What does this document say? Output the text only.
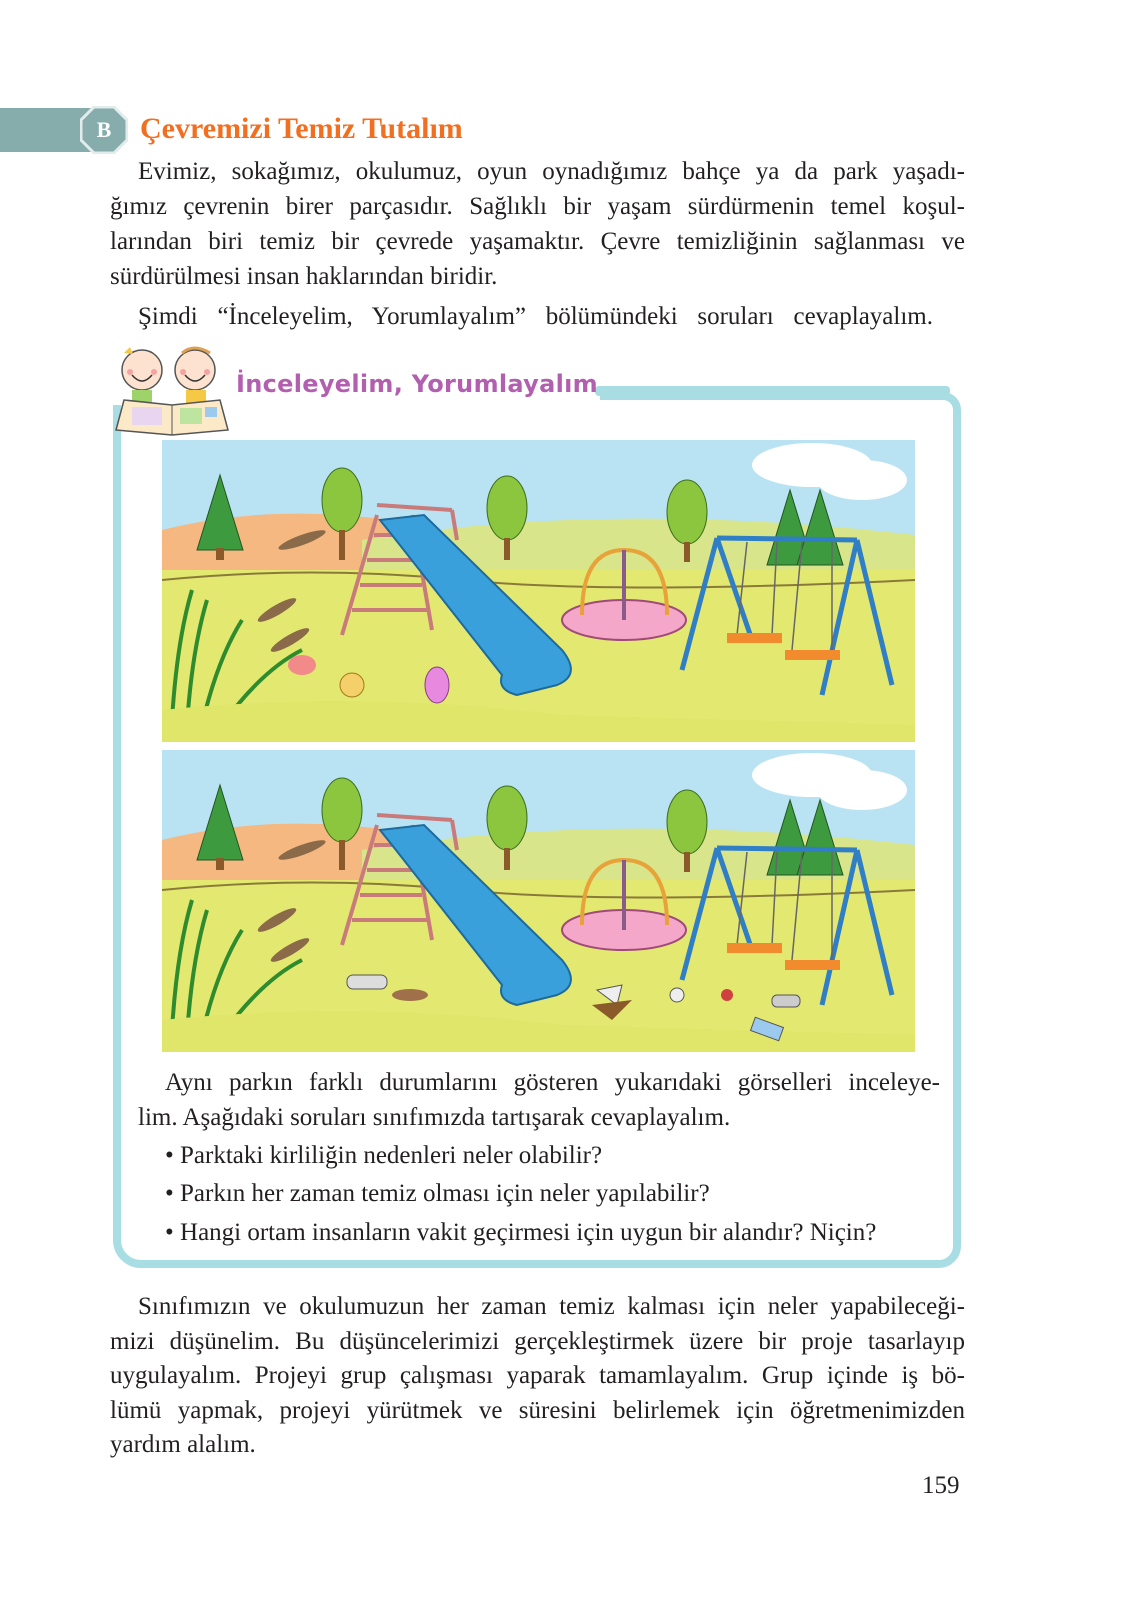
B Çevremizi Temiz Tutalım
Evimiz, sokağımız, okulumuz, oyun oynadığımız bahçe ya da park yaşadı-
ğımız çevrenin birer parçasıdır. Sağlıklı bir yaşam sürdürmenin temel koşul-
larından biri temiz bir çevrede yaşamaktır. Çevre temizliğinin sağlanması ve
sürdürülmesi insan haklarından biridir.
Şimdi “İnceleyelim, Yorumlayalım” bölümündeki soruları cevaplayalım.
İnceleyelim, Yorumlayalım
Aynı parkın farklı durumlarını gösteren yukarıdaki görselleri inceleye-
lim. Aşağıdaki soruları sınıfımızda tartışarak cevaplayalım.
• Parktaki kirliliğin nedenleri neler olabilir?
• Parkın her zaman temiz olması için neler yapılabilir?
• Hangi ortam insanların vakit geçirmesi için uygun bir alandır? Niçin?
Sınıfımızın ve okulumuzun her zaman temiz kalması için neler yapabileceği-
mizi düşünelim. Bu düşüncelerimizi gerçekleştirmek üzere bir proje tasarlayıp
uygulayalım. Projeyi grup çalışması yaparak tamamlayalım. Grup içinde iş bö-
lümü yapmak, projeyi yürütmek ve süresini belirlemek için öğretmenimizden
yardım alalım.
159
